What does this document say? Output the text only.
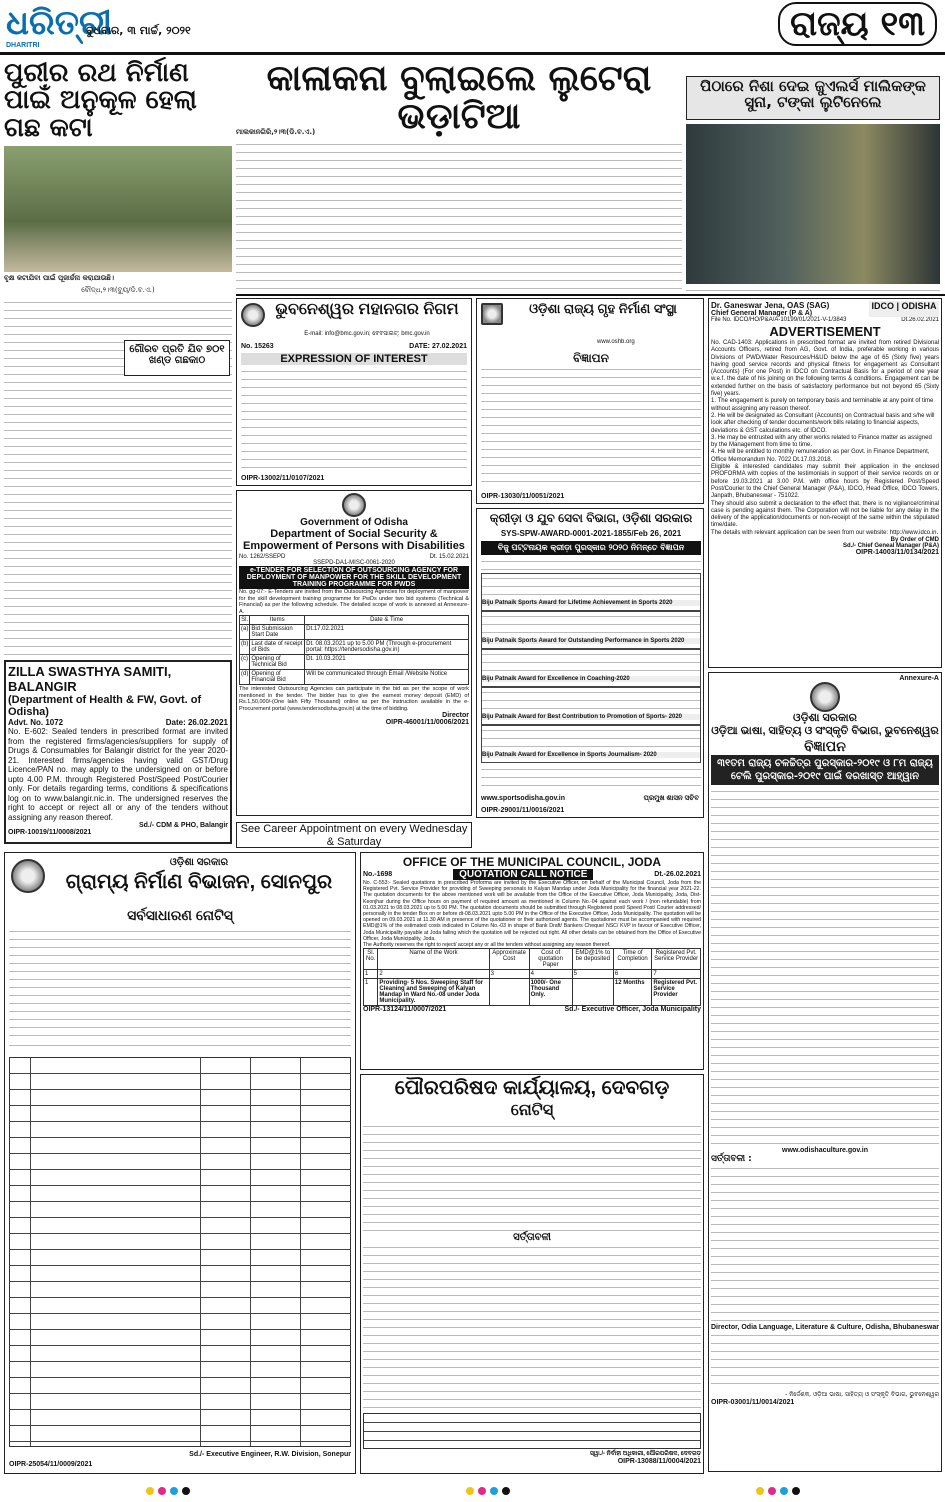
ଧରିତ୍ରୀ
DHARITRI
ବୁଧବାର, ୩ ମାର୍ଚ୍ଚ, ୨୦୨୧	ରାଜ୍ୟ ୧୩
ପୁରୀର ରଥ ନିର୍ମାଣ ପାଇଁ ଅନୁକୂଳ ହେଲା ଗଛ କଟା
ବୃକ୍ଷ କଟାଯିବା ପାଇଁ ପୂଜାର୍ଚ୍ଚନା କରାଯାଉଛି।
ବୌଦ୍ଧ,୨।୩(ବ୍ୟୁ/ଡି.ବ.ଏ.)
ଗୌରବ ପ୍ରତି ଯିବ ୭୦୧ ଖଣ୍ଡ ଗଛକାଠ
କାଳାକନା ବୁଲାଇଲେ ଲୁଟେରା ଭଡ଼ାଟିଆ
ମାଲକାନଗିରି,୨।୩(ଡି.ବ.ଏ.)
ପିଠାରେ ନିଶା ଦେଇ ଜୁଏଲର୍ସ ମାଲିକଙ୍କ ସୁନା, ଟଙ୍କା ଲୁଟିନେଲେ
ଭୁବନେଶ୍ୱର ମହାନଗର ନିଗମ
E-mail: info@bmc.gov.in; ବେବସାଇଟ୍: bmc.gov.in
No. 15263	DATE: 27.02.2021
EXPRESSION OF INTEREST
OIPR-13002/11/0107/2021
ଓଡ଼ିଶା ରାଜ୍ୟ ଗୃହ ନିର୍ମାଣ ସଂସ୍ଥା
www.oshb.org
ବିଜ୍ଞାପନ
OIPR-13030/11/0051/2021
Dr. Ganeswar Jena, OAS (SAG)
Chief General Manager (P & A)
IDCO | ODISHA
File No. IDCO/HO/P&A/A-10199/01/2021-V-1/3843	Dt.26.02.2021
ADVERTISEMENT
No. CAD-1403: Applications in prescribed format are invited from retired Divisional Accounts Officers, retired from AG, Govt. of India, preferable working in various Divisions of PWD/Water Resources/H&UD below the age of 65 (Sixty five) years having good service records and physical fitness for engagement as Consultant (Accounts) (For one Post) in IDCO on Contractual Basis for a period of one year w.e.f. the date of his joining on the following terms & conditions. Engagement can be extended further on the basis of satisfactory performance but not beyond 65 (Sixty five) years.
1. The engagement is purely on temporary basis and terminable at any point of time without assigning any reason thereof.
2. He will be designated as Consultant (Accounts) on Contractual basis and s/he will look after checking of tender documents/work bills relating to financial aspects, deviations & GST calculations etc. of IDCO.
3. He may be entrusted with any other works related to Finance matter as assigned by the Management from time to time.
4. He will be entitled to monthly remuneration as per Govt. in Finance Department, Office Memorandum No. 7022 Dt.17.03.2018.
Eligible & interested candidates may submit their application in the enclosed PROFORMA with copies of the testimonials in support of their service records on or before 19.03.2021 at 3.00 P.M. with office hours by Registered Post/Speed Post/Courier to the Chief General Manager (P&A), IDCO, Head Office, IDCO Towers, Janpath, Bhubaneswar - 751022.
They should also submit a declaration to the effect that, there is no vigilance/criminal case is pending against them. The Corporation will not be liable for any delay in the delivery of the application/documents or non-receipt of the same within the stipulated time/date.
The details with relevant application can be seen from our website: http://www.idco.in.
By Order of CMD
Sd./- Chief Geneal Manager (P&A)
OIPR-14003/11/0134/2021
କ୍ରୀଡ଼ା ଓ ଯୁବ ସେବା ବିଭାଗ, ଓଡ଼ିଶା ସରକାର
SYS-SPW-AWARD-0001-2021-1855/Feb 26, 2021
ବିଜୁ ପଟ୍ଟନାୟକ କ୍ରୀଡ଼ା ପୁରସ୍କାର ୨୦୨୦ ନିମନ୍ତେ ବିଜ୍ଞାପନ
Biju Patnaik Sports Award for Lifetime Achievement in Sports 2020
Biju Patnaik Sports Award for Outstanding Performance in Sports 2020
Biju Patnaik Award for Excellence in Coaching-2020
Biju Patnaik Award for Best Contribution to Promotion of Sports- 2020
Biju Patnaik Award for Excellence in Sports Journalism- 2020
www.sportsodisha.gov.in	ପ୍ରମୁଖ ଶାସନ ସଚିବ
OIPR-29001/11/0016/2021
Government of Odisha
Department of Social Security & Empowerment of Persons with Disabilities
No. 1262/SSEPD	Dt. 15.02.2021
SSEPD-DA1-MISC-0061-2020
e-TENDER FOR SELECTION OF OUTSOURCING AGENCY FOR DEPLOYMENT OF MANPOWER FOR THE SKILL DEVELOPMENT TRAINING PROGRAMME FOR PWDS
No. gg-07:- E-Tenders are invited from the Outsourcing Agencies for deployment of manpower for the skill development training programme for PwDs under two bid systems (Technical & Financial) as per the following schedule. The detailed scope of work is annexed at Annexure-A.
Sl.	Items	Date & Time
(a)	Bid Submission Start Date	Dt.17.02.2021
(b)	Last date of receipt of Bids	Dt. 08.03.2021 up to 5.00 PM (Through e-procurement portal: https://tendersodisha.gov.in)
(c)	Opening of Technical Bid	Dt. 10.03.2021
(d)	Opening of Financial Bid	Will be communicated through Email /Website Notice
The interested Outsourcing Agencies can participate in the bid as per the scope of work mentioned in the tender. The bidder has to give the earnest money deposit (EMD) of Rs.1,50,000/-(One lakh Fifty Thousand) online as per the instruction available in the e-Procurement portal (www.tendersodisha.gov.in) at the time of bidding.
Director
OIPR-46001/11/0006/2021
ZILLA SWASTHYA SAMITI, BALANGIR
(Department of Health & FW, Govt. of Odisha)
Advt. No. 1072	Date: 26.02.2021
No. E-602: Sealed tenders in prescribed format are invited from the registered firms/agencies/suppliers for supply of Drugs & Consumables for Balangir district for the year 2020-21. Interested firms/agencies having valid GST/Drug Licence/PAN no. may apply to the undersigned on or before upto 4.00 P.M. through Registered Post/Speed Post/Courier only. For details regarding terms, conditions & specifications log on to www.balangir.nic.in. The undersigned reserves the right to accept or reject all or any of the tenders without assigning any reason thereof.
Sd./- CDM & PHO, Balangir
OIPR-10019/11/0008/2021	See Career Appointment on every Wednesday & Saturday
Annexure-A
ଓଡ଼ିଶା ସରକାର
ଓଡ଼ିଆ ଭାଷା, ସାହିତ୍ୟ ଓ ସଂସ୍କୃତି ବିଭାଗ, ଭୁବନେଶ୍ୱର
ବିଜ୍ଞାପନ
୩୧ତମ ରାଜ୍ୟ ଚଳଚ୍ଚିତ୍ର ପୁରସ୍କାର-୨୦୧୯ ଓ ୮ମ ରାଜ୍ୟ ଟେଲି ପୁରସ୍କାର-୨୦୧୯ ପାଇଁ ଦରଖାସ୍ତ ଆହ୍ୱାନ
www.odishaculture.gov.in
ସର୍ତ୍ତାବଳୀ :
Director, Odia Language, Literature & Culture, Odisha, Bhubaneswar
- ନିର୍ଦ୍ଦେଶକ, ଓଡ଼ିଆ ଭାଷା, ସାହିତ୍ୟ ଓ ସଂସ୍କୃତି ବିଭାଗ, ଭୁବନେଶ୍ୱର
OIPR-03001/11/0014/2021
ଓଡ଼ିଶା ସରକାର
ଗ୍ରାମ୍ୟ ନିର୍ମାଣ ବିଭାଜନ, ସୋନପୁର
ସର୍ବସାଧାରଣ ନୋଟିସ୍
Sd./- Executive Engineer, R.W. Division, Sonepur
OIPR-25054/11/0009/2021
OFFICE OF THE MUNICIPAL COUNCIL, JODA
No.-1698	QUOTATION CALL NOTICE	Dt.-26.02.2021
No. C-553:- Sealed quotations in prescribed Proforma are invited by the Executive Officer, on behalf of the Municipal Council, Joda from the Registered Pvt. Service Provider for providing of Sweeping personals to Kalyan Mandap under Joda Municipality for the financial year 2021-22. The quotation documents for the above mentioned work will be available from the Office of the Executive Officer, Joda Municipality, Joda, Dist- Keonjhar during the Office hours on payment of required amount as mentioned in Column No.-04 against each work / (non refundable) from 01.03.2021 to 08.03.2021 up to 5.00 PM. The quotation documents should be submitted through Registered post/ Speed Post/ Courier addressed/ personally in the tender Box on or before dt-08.03.2021 upto 5.00 PM in the Office of the Executive Officer, Joda Municipality. The quotation will be opened on 09.03.2021 at 11.30 AM in presence of the quotationer or their authorized agents. The quotationer must be accompanied with required EMD@1% of the estimated costs indicated in Column No.-03 in shape of Bank Draft/ Bankers Cheque/ NSC/ KVP in favour of Executive Officer, Joda Municipality payable at Joda failing which the quotation will be rejected out right. All other details can be obtained from the Office of Executive Officer, Joda Municipality, Joda.
The Authority reserves the right to reject/ accept any or all the tenders without assigning any reason thereof.
Sl. No.	Name of the Work	Approximate Cost	Cost of quotation Paper	EMD@1% to be deposited	Time of Completion	Registered Pvt. Service Provider
1	2	3	4	5	6	7
1	Providing- 5 Nos. Sweeping Staff for Cleaning and Sweeping of Kalyan Mandap in Ward No.-08 under Joda Municipality.		1000/- One Thousand Only.		12 Months	Registered Pvt. Service Provider
OIPR-13124/11/0007/2021	Sd./- Executive Officer, Joda Municipality
ପୌରପରିଷଦ କାର୍ଯ୍ୟାଳୟ, ଦେବଗଡ଼
ନୋଟିସ୍
ସର୍ତ୍ତାବଳୀ
ସ୍ୱା./- ନିର୍ବାହୀ ଅଧିକାରୀ, ପୌରପରିଷଦ, ଦେବଗଡ଼
OIPR-13088/11/0004/2021
